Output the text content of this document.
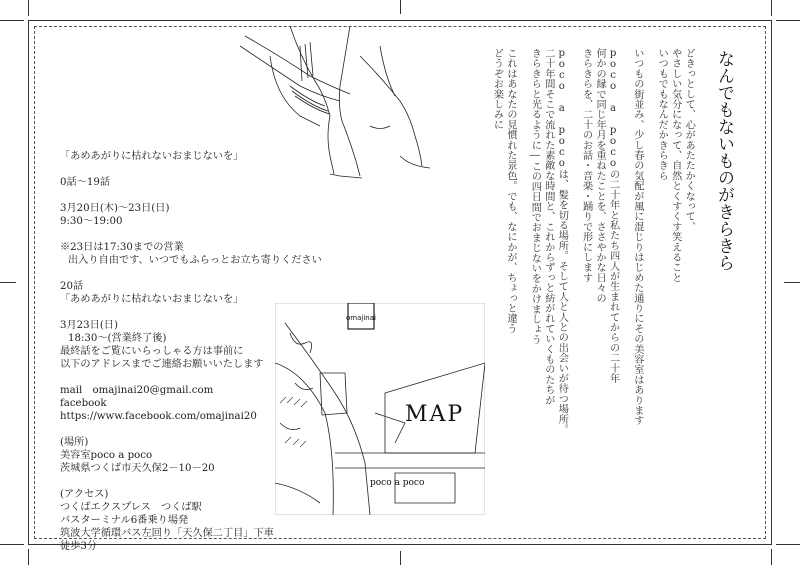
なんでもないものがきらきら
どきっとして、心があたたかくなって、
やさしい気分になって、自然とくすくす笑えること
いつもでもなんだかきらきら
いつもの街並み、少し春の気配が風に混じりはじめた通りにその美容室はあります
poco a pocoの二十年と私たち四人が生まれてからの二十年
何かの縁で同じ年月を重ねたことを、ささやかな日々の
きらきらを、二十のお話・音楽・踊りで形にします
poco a pocoは、髪を切る場所。そして人と人との出会いが待つ場所。
二十年間そこで流れた素敵な時間と、これからずっと紡がれていくものたちが
きらきらと光るように―この四日間でおまじないをかけましょう
これはあなたの見慣れた景色。でも、なにかが、ちょっと違う
どうぞお楽しみに
「あめあがりに枯れないおまじないを」
0話～19話
3月20日(木)～23日(日)
9:30～19:00
※23日は17:30までの営業
出入り自由です、いつでもふらっとお立ち寄りください
20話
「あめあがりに枯れないおまじないを」
3月23日(日)
18:30～(営業終了後)
最終話をご覧にいらっしゃる方は事前に
以下のアドレスまでご連絡お願いいたします
mail　omajinai20@gmail.com
facebook
https://www.facebook.com/omajinai20
(場所)
美容室poco a poco
茨城県つくば市天久保2－10－20
(アクセス)
つくばエクスプレス　つくば駅
バスターミナル6番乗り場発
筑波大学循環バス左回り「天久保二丁目」下車
徒歩3分
omajinai
MAP
poco a poco
